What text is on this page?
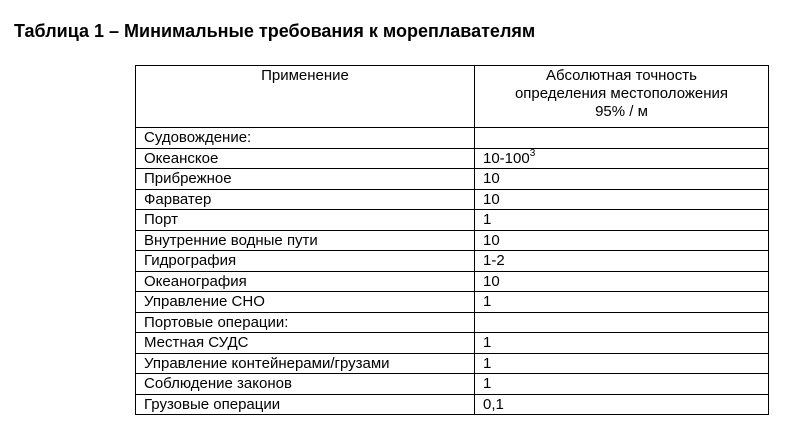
Таблица 1 – Минимальные требования к мореплавателям
Применение	Абсолютная точность
определения местоположения
95% / м

Судовождение:	
Океанское	$10-100^3$
Прибрежное	10
Фарватер	10
Порт	1
Внутренние водные пути	10
Гидрография	1-2
Океанография	10
Управление СНО	1
Портовые операции:	
Местная СУДС	1
Управление контейнерами/грузами	1
Соблюдение законов	1
Грузовые операции	0,1
